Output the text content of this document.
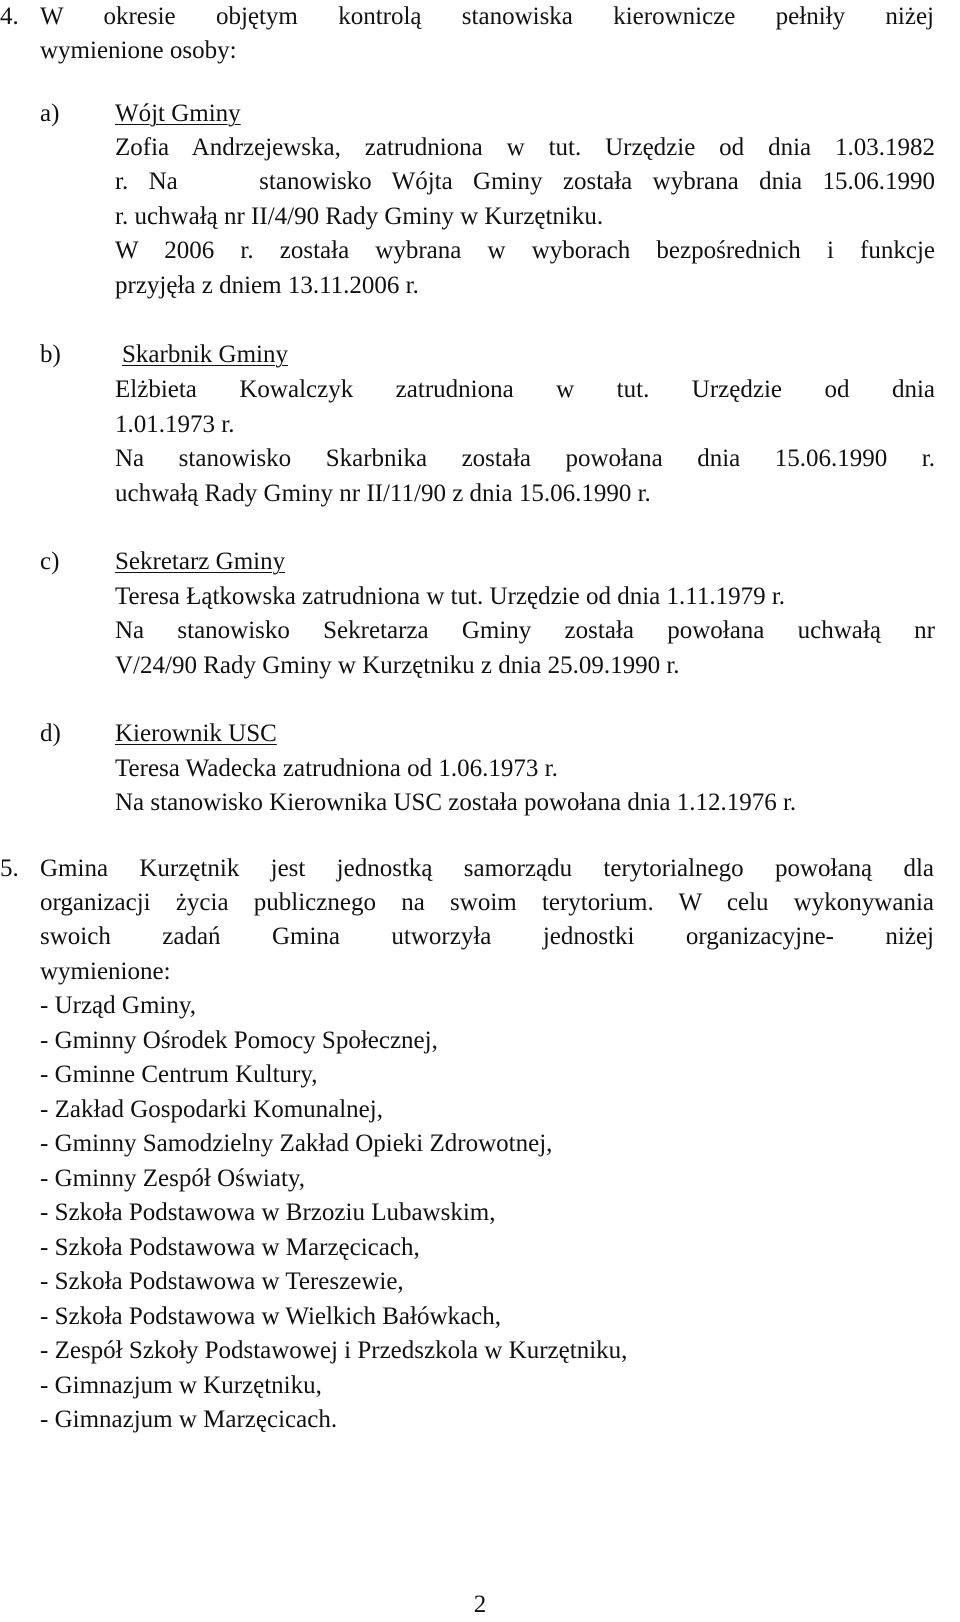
4. W okresie objętym kontrolą stanowiska kierownicze pełniły niżej
wymienione osoby:
a) Wójt Gminy
Zofia Andrzejewska, zatrudniona w tut. Urzędzie od dnia 1.03.1982
r. Na    stanowisko Wójta Gminy została wybrana dnia 15.06.1990
r. uchwałą nr II/4/90 Rady Gminy w Kurzętniku.
W 2006 r. została wybrana w wyborach bezpośrednich i funkcje
przyjęła z dniem 13.11.2006 r.
b) Skarbnik Gminy
Elżbieta Kowalczyk zatrudniona w tut. Urzędzie od dnia
1.01.1973 r.
Na stanowisko Skarbnika została powołana dnia 15.06.1990 r.
uchwałą Rady Gminy nr II/11/90 z dnia 15.06.1990 r.
c) Sekretarz Gminy
Teresa Łątkowska zatrudniona w tut. Urzędzie od dnia 1.11.1979 r.
Na stanowisko Sekretarza Gminy została powołana uchwałą nr
V/24/90 Rady Gminy w Kurzętniku z dnia 25.09.1990 r.
d) Kierownik USC
Teresa Wadecka zatrudniona od 1.06.1973 r.
Na stanowisko Kierownika USC została powołana dnia 1.12.1976 r.
5. Gmina Kurzętnik jest jednostką samorządu terytorialnego powołaną dla
organizacji życia publicznego na swoim terytorium. W celu wykonywania
swoich zadań Gmina utworzyła jednostki organizacyjne- niżej
wymienione:
- Urząd Gminy,
- Gminny Ośrodek Pomocy Społecznej,
- Gminne Centrum Kultury,
- Zakład Gospodarki Komunalnej,
- Gminny Samodzielny Zakład Opieki Zdrowotnej,
- Gminny Zespół Oświaty,
- Szkoła Podstawowa w Brzoziu Lubawskim,
- Szkoła Podstawowa w Marzęcicach,
- Szkoła Podstawowa w Tereszewie,
- Szkoła Podstawowa w Wielkich Bałówkach,
- Zespół Szkoły Podstawowej i Przedszkola w Kurzętniku,
- Gimnazjum w Kurzętniku,
- Gimnazjum w Marzęcicach.
2
